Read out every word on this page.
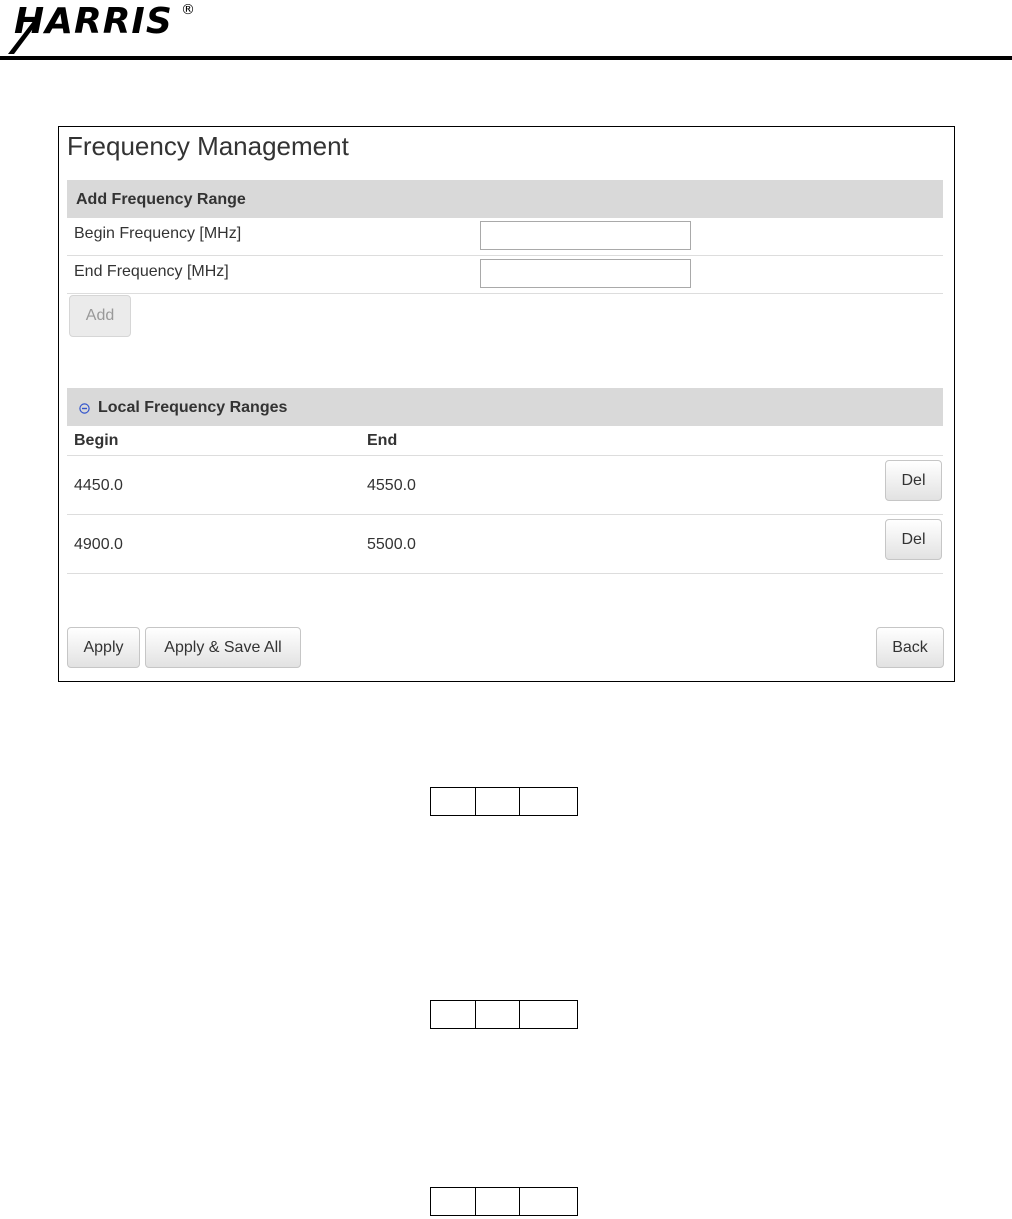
HARRIS ®
Frequency Management
Add Frequency Range
Begin Frequency [MHz]
End Frequency [MHz]
Add
Local Frequency Ranges
Begin	End
4450.0	4550.0	Del
4900.0	5500.0	Del
Apply	Apply & Save All	Back
